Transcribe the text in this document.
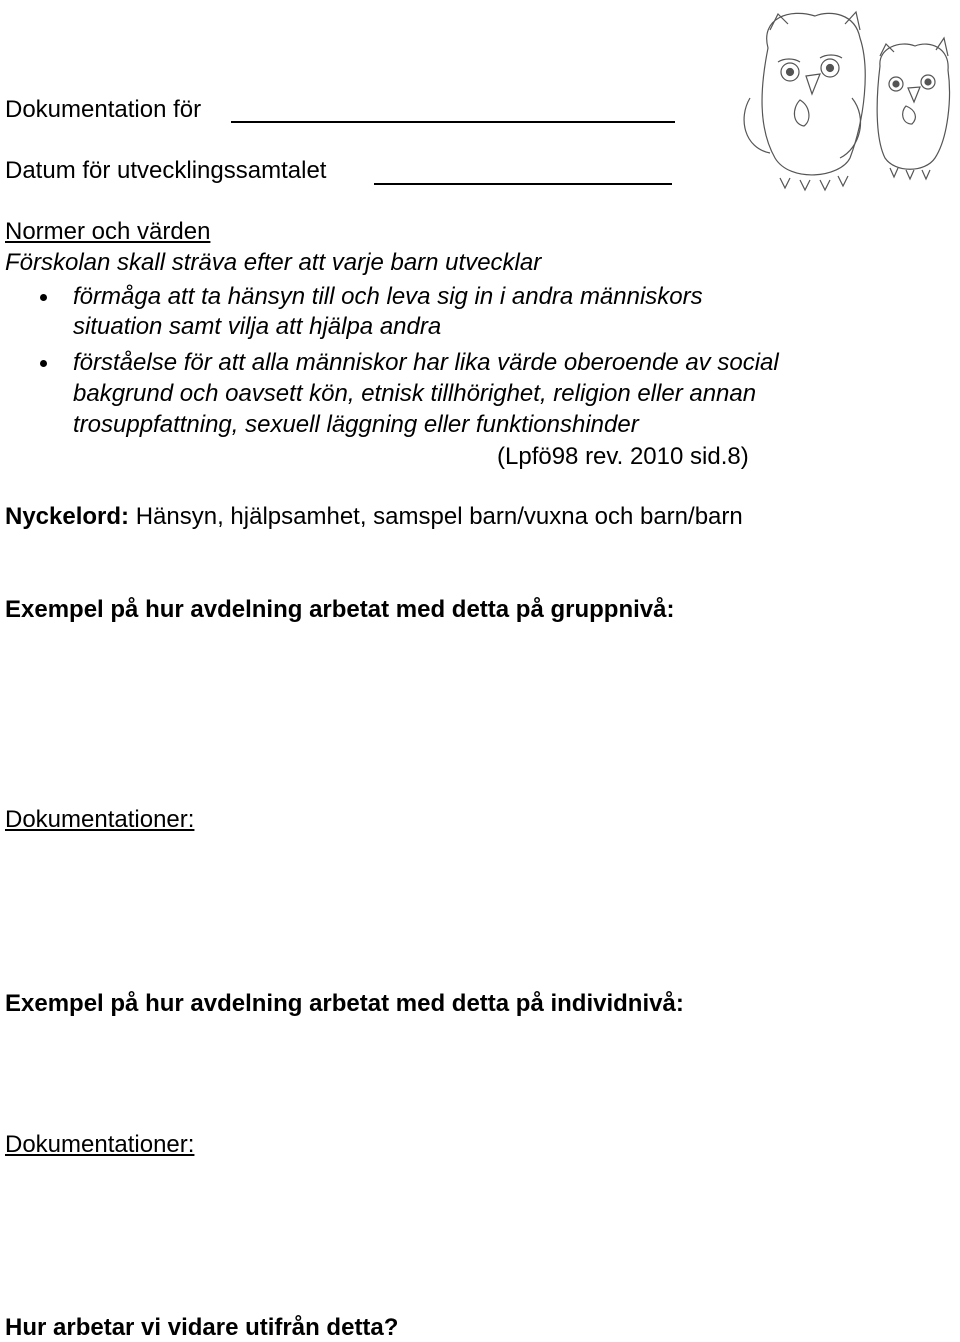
Dokumentation för
Datum för utvecklingssamtalet
Normer och värden
Förskolan skall sträva efter att varje barn utvecklar
förmåga att ta hänsyn till och leva sig in i andra människors
situation samt vilja att hjälpa andra
förståelse för att alla människor har lika värde oberoende av social
bakgrund och oavsett kön, etnisk tillhörighet, religion eller annan
trosuppfattning, sexuell läggning eller funktionshinder
(Lpfö98 rev. 2010 sid.8)
Nyckelord: Hänsyn, hjälpsamhet, samspel barn/vuxna och barn/barn
Exempel på hur avdelning arbetat med detta på gruppnivå:
Dokumentationer:
Exempel på hur avdelning arbetat med detta på individnivå:
Dokumentationer:
Hur arbetar vi vidare utifrån detta?
